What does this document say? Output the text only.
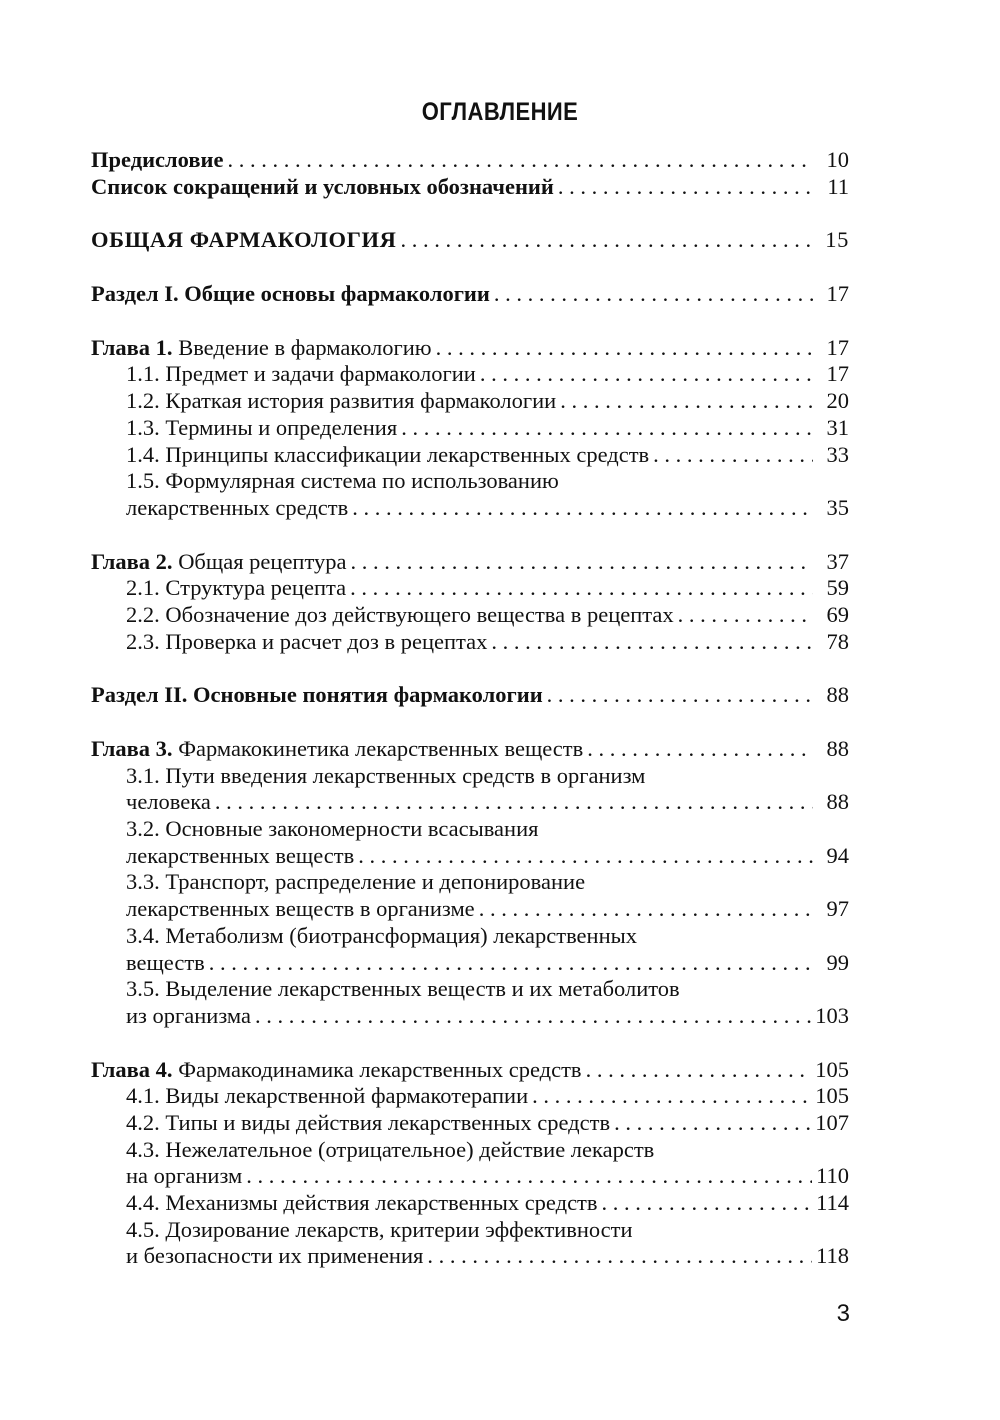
ОГЛАВЛЕНИЕ
Предисловие . . .	10
Список сокращений и условных обозначений . . .	11
ОБЩАЯ ФАРМАКОЛОГИЯ . . .	15
Раздел I. Общие основы фармакологии . . .	17
Глава 1. Введение в фармакологию . . .	17
1.1. Предмет и задачи фармакологии . . .	17
1.2. Краткая история развития фармакологии . . .	20
1.3. Термины и определения . . .	31
1.4. Принципы классификации лекарственных средств . . .	33
1.5. Формулярная система по использованию
лекарственных средств . . .	35
Глава 2. Общая рецептура . . .	37
2.1. Структура рецепта . . .	59
2.2. Обозначение доз действующего вещества в рецептах . . .	69
2.3. Проверка и расчет доз в рецептах . . .	78
Раздел II. Основные понятия фармакологии . . .	88
Глава 3. Фармакокинетика лекарственных веществ . . .	88
3.1. Пути введения лекарственных средств в организм
человека . . .	88
3.2. Основные закономерности всасывания
лекарственных веществ . . .	94
3.3. Транспорт, распределение и депонирование
лекарственных веществ в организме . . .	97
3.4. Метаболизм (биотрансформация) лекарственных
веществ . . .	99
3.5. Выделение лекарственных веществ и их метаболитов
из организма . . .	103
Глава 4. Фармакодинамика лекарственных средств . . .	105
4.1. Виды лекарственной фармакотерапии . . .	105
4.2. Типы и виды действия лекарственных средств . . .	107
4.3. Нежелательное (отрицательное) действие лекарств
на организм . . .	110
4.4. Механизмы действия лекарственных средств . . .	114
4.5. Дозирование лекарств, критерии эффективности
и безопасности их применения . . .	118
3
